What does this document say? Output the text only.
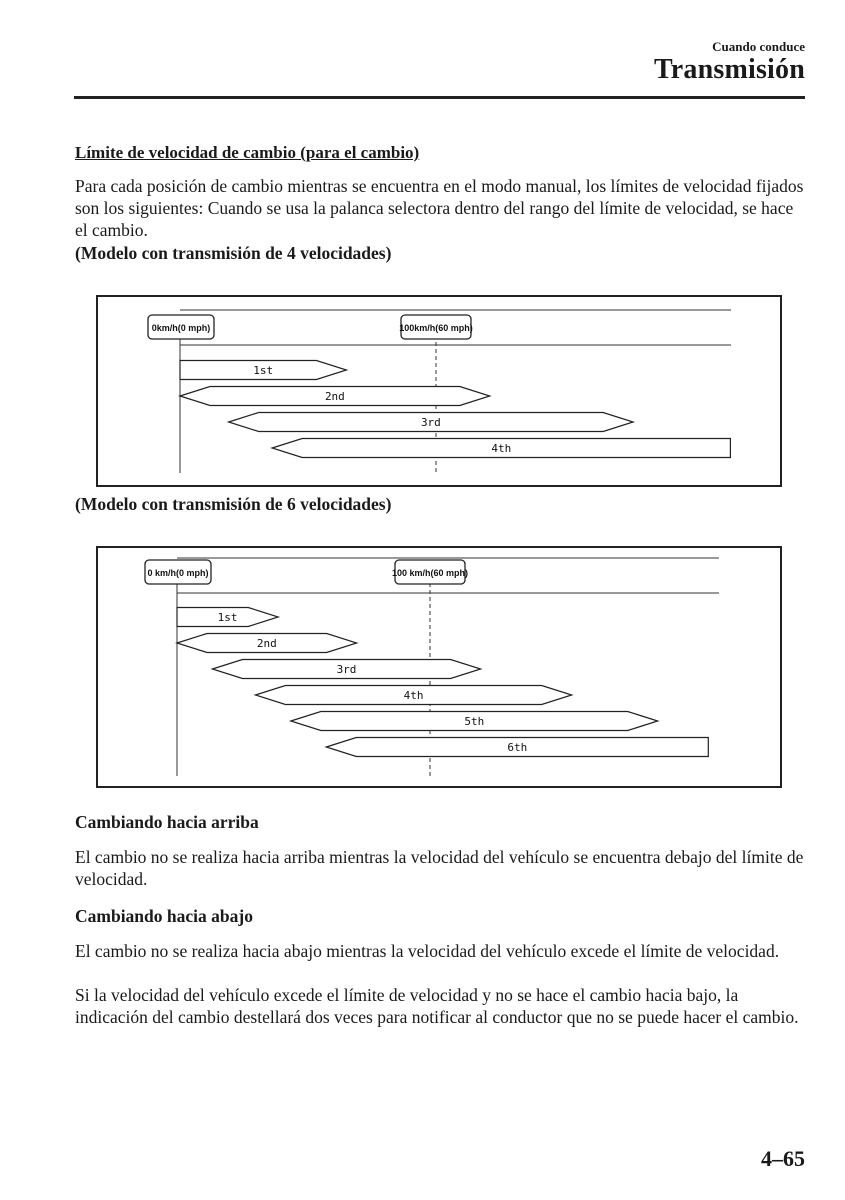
Cuando conduce
Transmisión
Límite de velocidad de cambio (para el cambio)
Para cada posición de cambio mientras se encuentra en el modo manual, los límites de velocidad fijados son los siguientes: Cuando se usa la palanca selectora dentro del rango del límite de velocidad, se hace el cambio.
(Modelo con transmisión de 4 velocidades)
0km/h(0 mph)	100km/h(60 mph)
1st
2nd
3rd
4th
(Modelo con transmisión de 6 velocidades)
0 km/h(0 mph)	100 km/h(60 mph)
1st
2nd
3rd
4th
5th
6th
Cambiando hacia arriba
El cambio no se realiza hacia arriba mientras la velocidad del vehículo se encuentra debajo del límite de velocidad.
Cambiando hacia abajo
El cambio no se realiza hacia abajo mientras la velocidad del vehículo excede el límite de velocidad.
Si la velocidad del vehículo excede el límite de velocidad y no se hace el cambio hacia bajo, la indicación del cambio destellará dos veces para notificar al conductor que no se puede hacer el cambio.
4–65
